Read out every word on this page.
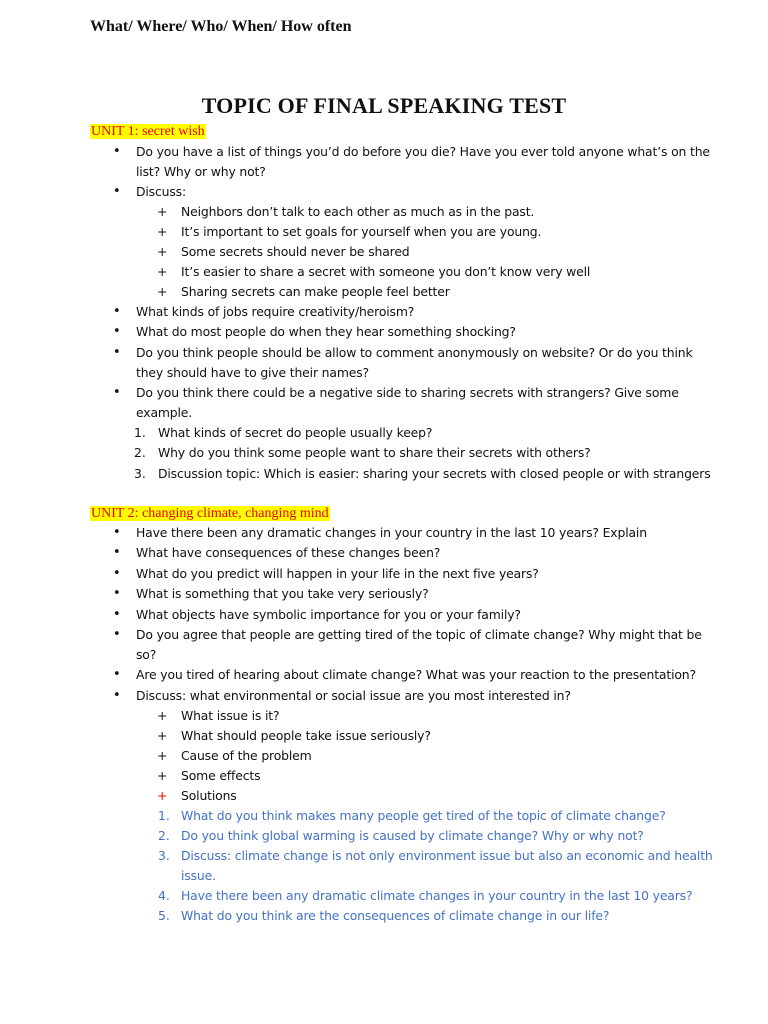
What/ Where/ Who/ When/ How often
TOPIC OF FINAL SPEAKING TEST
UNIT 1: secret wish
• Do you have a list of things you’d do before you die? Have you ever told anyone what’s on the
list? Why or why not?
• Discuss:
+ Neighbors don’t talk to each other as much as in the past.
+ It’s important to set goals for yourself when you are young.
+ Some secrets should never be shared
+ It’s easier to share a secret with someone you don’t know very well
+ Sharing secrets can make people feel better
• What kinds of jobs require creativity/heroism?
• What do most people do when they hear something shocking?
• Do you think people should be allow to comment anonymously on website? Or do you think
they should have to give their names?
• Do you think there could be a negative side to sharing secrets with strangers? Give some
example.
1. What kinds of secret do people usually keep?
2. Why do you think some people want to share their secrets with others?
3. Discussion topic: Which is easier: sharing your secrets with closed people or with strangers
UNIT 2: changing climate, changing mind
• Have there been any dramatic changes in your country in the last 10 years? Explain
• What have consequences of these changes been?
• What do you predict will happen in your life in the next five years?
• What is something that you take very seriously?
• What objects have symbolic importance for you or your family?
• Do you agree that people are getting tired of the topic of climate change? Why might that be
so?
• Are you tired of hearing about climate change? What was your reaction to the presentation?
• Discuss: what environmental or social issue are you most interested in?
+ What issue is it?
+ What should people take issue seriously?
+ Cause of the problem
+ Some effects
+ Solutions
1. What do you think makes many people get tired of the topic of climate change?
2. Do you think global warming is caused by climate change? Why or why not?
3. Discuss: climate change is not only environment issue but also an economic and health
issue.
4. Have there been any dramatic climate changes in your country in the last 10 years?
5. What do you think are the consequences of climate change in our life?
